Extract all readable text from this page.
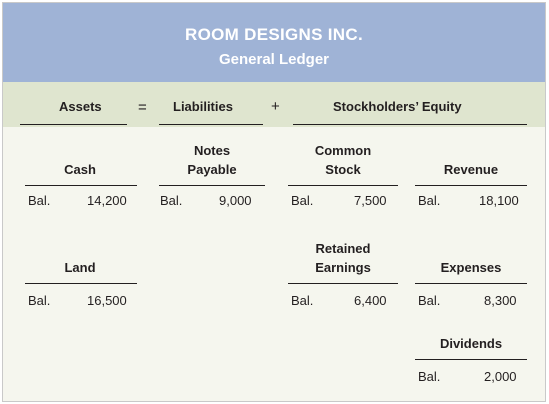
ROOM DESIGNS INC.
General Ledger
Assets = Liabilities	+	Stockholders’ Equity
Cash
Bal.	14,200
Notes
Payable
Bal.	9,000
Common
Stock
Bal.	7,500
Revenue
Bal.	18,100
Land
Bal.	16,500
Retained
Earnings
Bal.	6,400
Expenses
Bal.	8,300
Dividends
Bal.	2,000
